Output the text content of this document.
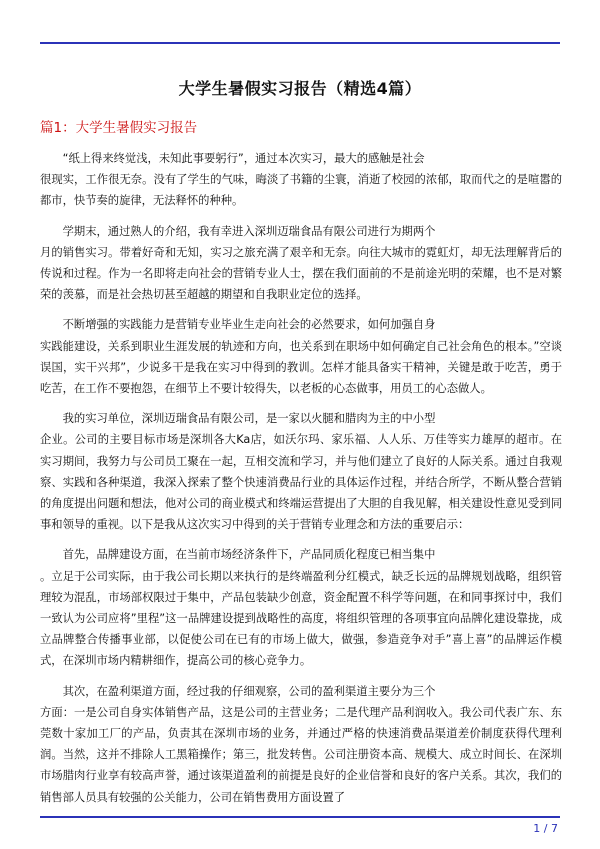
大学生暑假实习报告（精选4篇）
篇1：大学生暑假实习报告

“纸上得来终觉浅，未知此事要躬行”，通过本次实习，最大的感触是社会
很现实，工作很无奈。没有了学生的气味，晦淡了书籍的尘寰，消逝了校园的浓郁，取而代之的是喧嚣的都市，快节奏的旋律，无法释怀的种种。

学期末，通过熟人的介绍，我有幸进入深圳迈瑞食品有限公司进行为期两个
月的销售实习。带着好奇和无知，实习之旅充满了艰辛和无奈。向往大城市的霓虹灯，却无法理解背后的传说和过程。作为一名即将走向社会的营销专业人士，摆在我们面前的不是前途光明的荣耀，也不是对繁荣的羡慕，而是社会热切甚至超越的期望和自我职业定位的选择。

不断增强的实践能力是营销专业毕业生走向社会的必然要求，如何加强自身
实践能建设，关系到职业生涯发展的轨迹和方向，也关系到在职场中如何确定自己社会角色的根本。”空谈误国，实干兴邦”，少说多干是我在实习中得到的教训。怎样才能具备实干精神，关键是敢于吃苦，勇于吃苦，在工作不要抱怨，在细节上不要计较得失，以老板的心态做事，用员工的心态做人。

我的实习单位，深圳迈瑞食品有限公司，是一家以火腿和腊肉为主的中小型
企业。公司的主要目标市场是深圳各大Ka店，如沃尔玛、家乐福、人人乐、万佳等实力雄厚的超市。在实习期间，我努力与公司员工聚在一起，互相交流和学习，并与他们建立了良好的人际关系。通过自我观察、实践和各种渠道，我深入探索了整个快速消费品行业的具体运作过程，并结合所学，不断从整合营销的角度提出问题和想法，他对公司的商业模式和终端运营提出了大胆的自我见解，相关建设性意见受到同事和领导的重视。以下是我从这次实习中得到的关于营销专业理念和方法的重要启示：

首先，品牌建设方面，在当前市场经济条件下，产品同质化程度已相当集中
。立足于公司实际，由于我公司长期以来执行的是终端盈利分红模式，缺乏长远的品牌规划战略，组织管理较为混乱，市场部权限过于集中，产品包装缺少创意，资金配置不科学等问题，在和同事探讨中，我们一致认为公司应将”里程”这一品牌建设提到战略性的高度，将组织管理的各项事宜向品牌化建设靠拢，成立品牌整合传播事业部，以促使公司在已有的市场上做大，做强，参造竞争对手”喜上喜”的品牌运作模式，在深圳市场内精耕细作，提高公司的核心竞争力。

其次，在盈利渠道方面，经过我的仔细观察，公司的盈利渠道主要分为三个
方面：一是公司自身实体销售产品，这是公司的主营业务；二是代理产品利润收入。我公司代表广东、东莞数十家加工厂的产品，负责其在深圳市场的业务，并通过严格的快速消费品渠道差价制度获得代理利润。当然，这并不排除人工黑箱操作；第三，批发转售。公司注册资本高、规模大、成立时间长、在深圳市场腊肉行业享有较高声誉，通过该渠道盈利的前提是良好的企业信誉和良好的客户关系。其次，我们的销售部人员具有较强的公关能力，公司在销售费用方面设置了

1 / 7
